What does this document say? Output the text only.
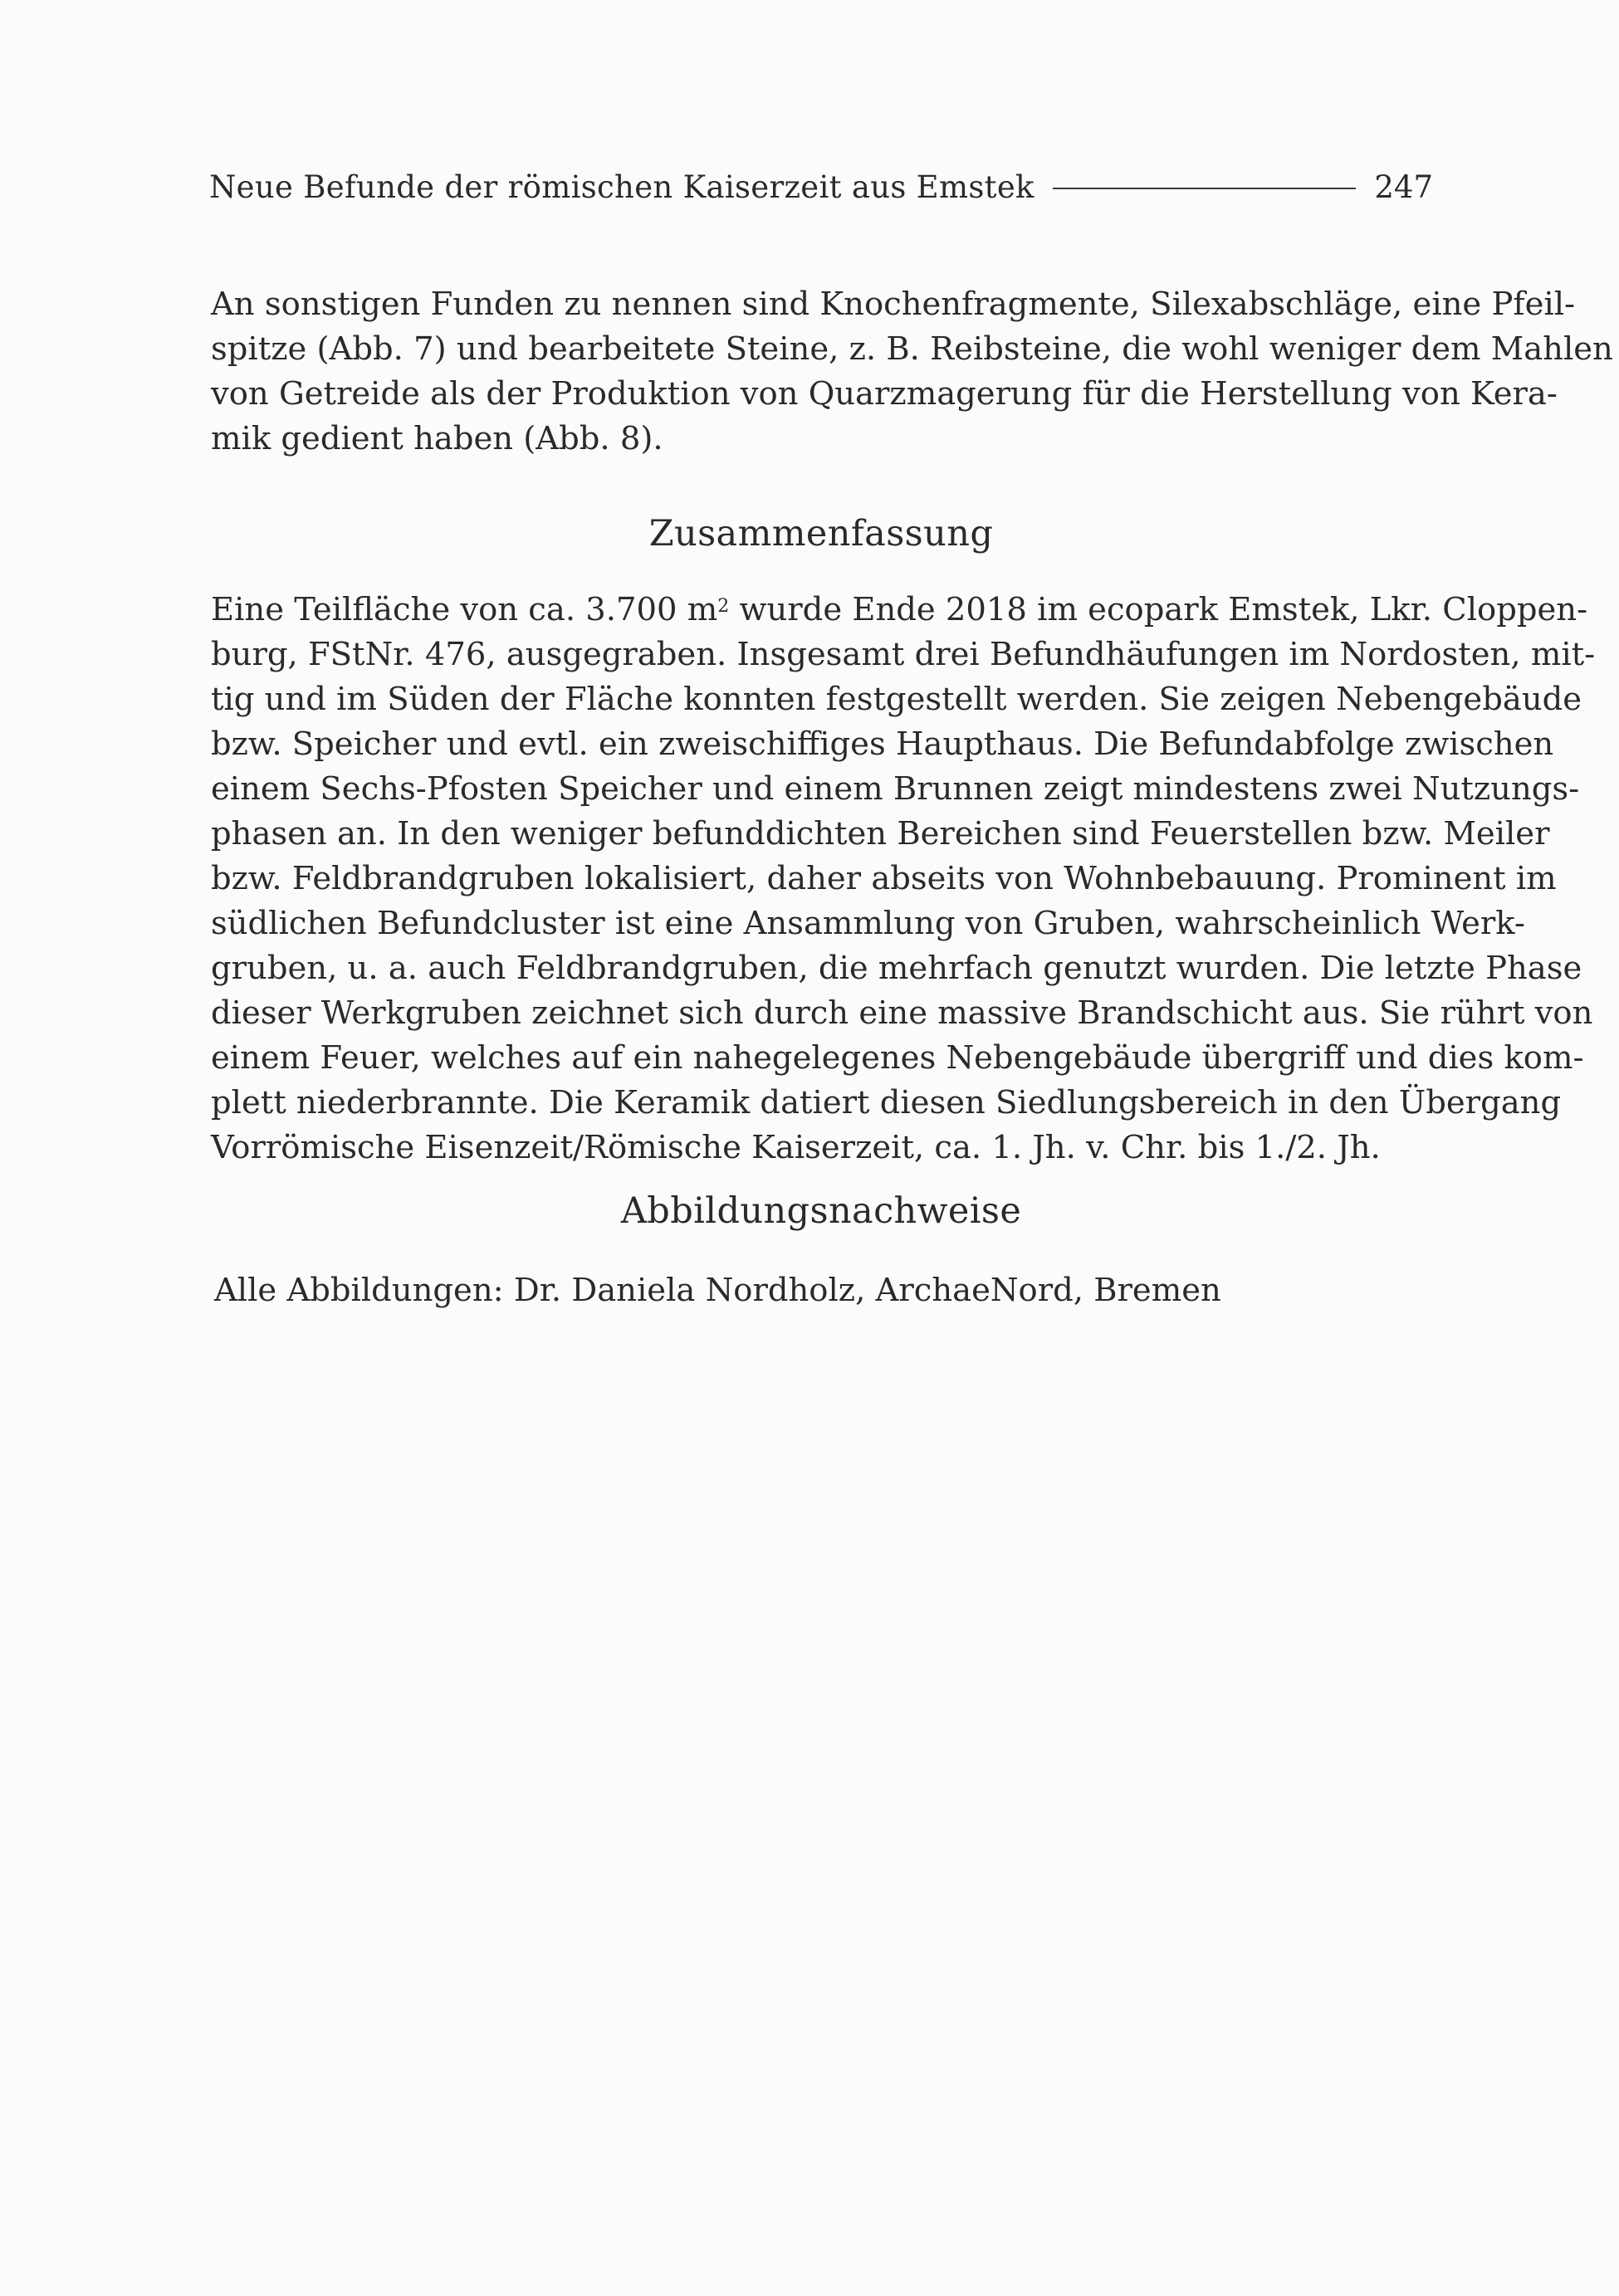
Neue Befunde der römischen Kaiserzeit aus Emstek	247
An sonstigen Funden zu nennen sind Knochenfragmente, Silexabschläge, eine Pfeil-
spitze (Abb. 7) und bearbeitete Steine, z. B. Reibsteine, die wohl weniger dem Mahlen
von Getreide als der Produktion von Quarzmagerung für die Herstellung von Kera-
mik gedient haben (Abb. 8).
Zusammenfassung
Eine Teilfläche von ca. 3.700 $m^2$ wurde Ende 2018 im ecopark Emstek, Lkr. Cloppen-
burg, FStNr. 476, ausgegraben. Insgesamt drei Befundhäufungen im Nordosten, mit-
tig und im Süden der Fläche konnten festgestellt werden. Sie zeigen Nebengebäude
bzw. Speicher und evtl. ein zweischiffiges Haupthaus. Die Befundabfolge zwischen
einem Sechs-Pfosten Speicher und einem Brunnen zeigt mindestens zwei Nutzungs-
phasen an. In den weniger befunddichten Bereichen sind Feuerstellen bzw. Meiler
bzw. Feldbrandgruben lokalisiert, daher abseits von Wohnbebauung. Prominent im
südlichen Befundcluster ist eine Ansammlung von Gruben, wahrscheinlich Werk-
gruben, u. a. auch Feldbrandgruben, die mehrfach genutzt wurden. Die letzte Phase
dieser Werkgruben zeichnet sich durch eine massive Brandschicht aus. Sie rührt von
einem Feuer, welches auf ein nahegelegenes Nebengebäude übergriff und dies kom-
plett niederbrannte. Die Keramik datiert diesen Siedlungsbereich in den Übergang
Vorrömische Eisenzeit/Römische Kaiserzeit, ca. 1. Jh. v. Chr. bis 1./2. Jh.
Abbildungsnachweise
Alle Abbildungen: Dr. Daniela Nordholz, ArchaeNord, Bremen
